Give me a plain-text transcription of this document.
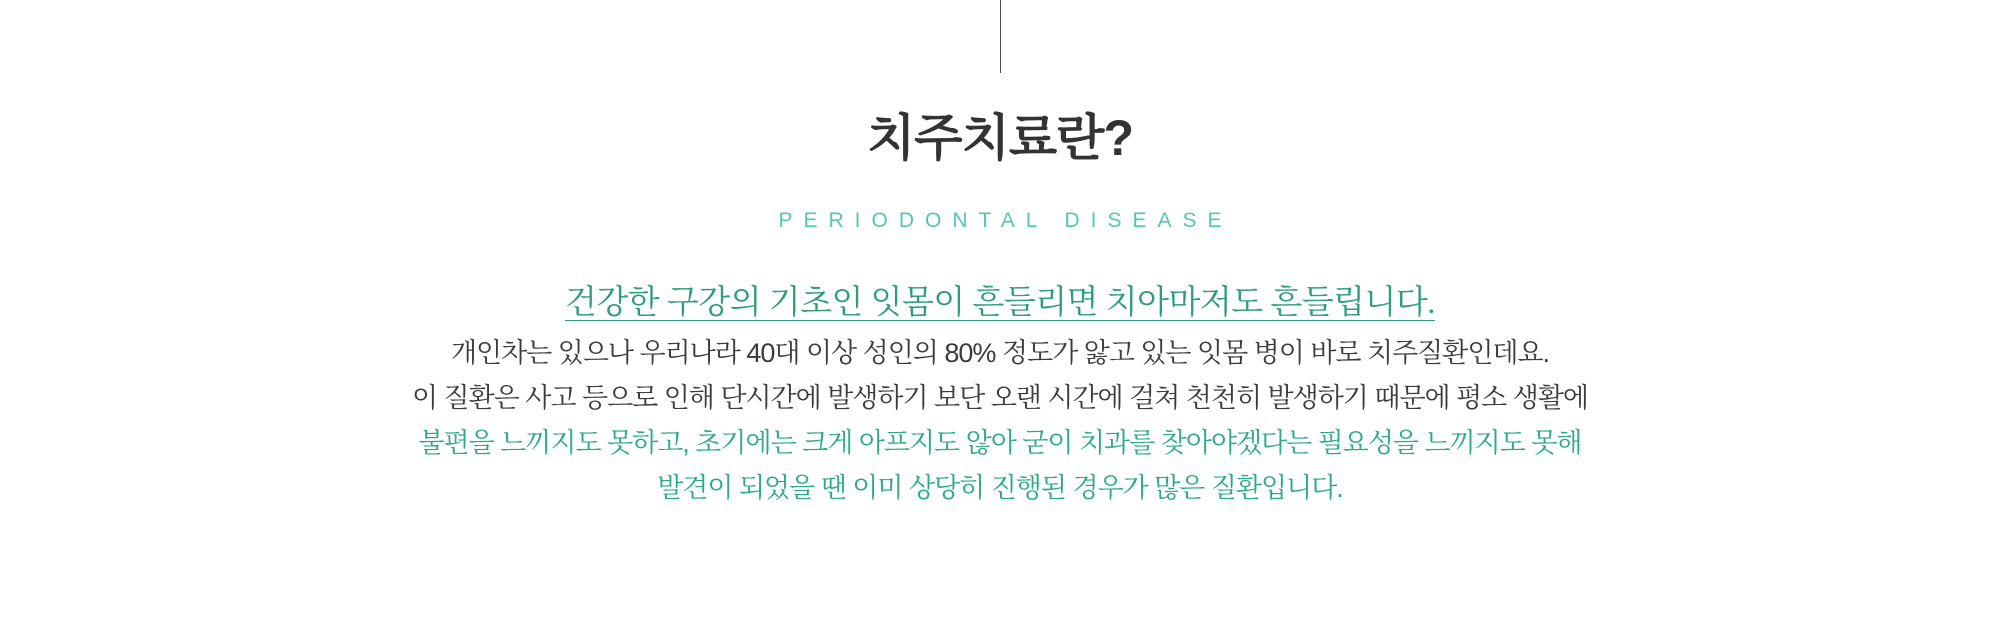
치주치료란?
PERIODONTAL DISEASE
건강한 구강의 기초인 잇몸이 흔들리면 치아마저도 흔들립니다.

개인차는 있으나 우리나라 40대 이상 성인의 80% 정도가 앓고 있는 잇몸 병이 바로 치주질환인데요.
이 질환은 사고 등으로 인해 단시간에 발생하기 보단 오랜 시간에 걸쳐 천천히 발생하기 때문에 평소 생활에
불편을 느끼지도 못하고, 초기에는 크게 아프지도 않아 굳이 치과를 찾아야겠다는 필요성을 느끼지도 못해
발견이 되었을 땐 이미 상당히 진행된 경우가 많은 질환입니다.
